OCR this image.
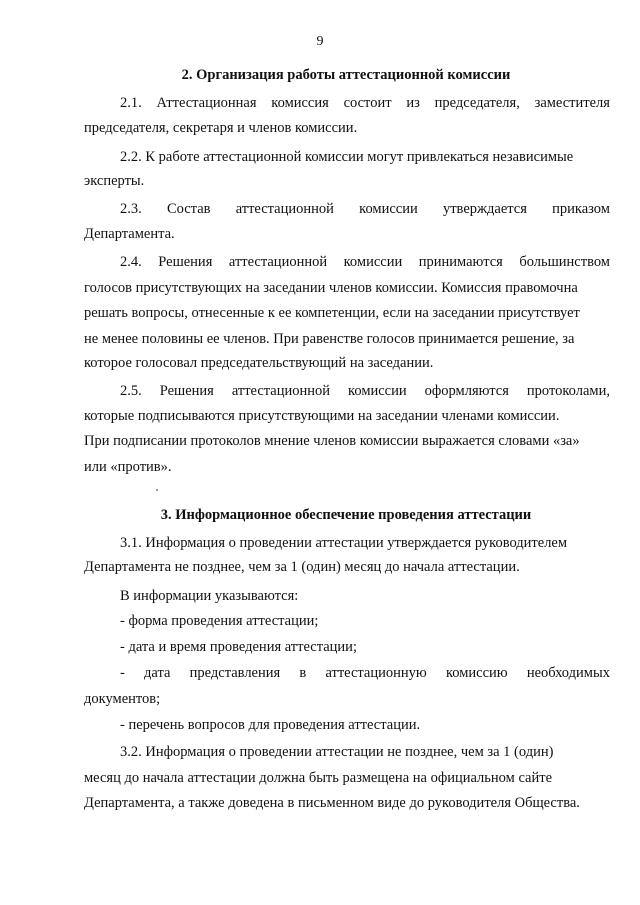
9
2. Организация работы аттестационной комиссии
2.1. Аттестационная комиссия состоит из председателя, заместителя
председателя, секретаря и членов комиссии.
2.2. К работе аттестационной комиссии могут привлекаться независимые
эксперты.
2.3. Состав аттестационной комиссии утверждается приказом
Департамента.
2.4. Решения аттестационной комиссии принимаются большинством
голосов присутствующих на заседании членов комиссии. Комиссия правомочна
решать вопросы, отнесенные к ее компетенции, если на заседании присутствует
не менее половины ее членов. При равенстве голосов принимается решение, за
которое голосовал председательствующий на заседании.
2.5. Решения аттестационной комиссии оформляются протоколами,
которые подписываются присутствующими на заседании членами комиссии.
При подписании протоколов мнение членов комиссии выражается словами «за»
или «против».
3. Информационное обеспечение проведения аттестации
3.1. Информация о проведении аттестации утверждается руководителем
Департамента не позднее, чем за 1 (один) месяц до начала аттестации.
В информации указываются:
- форма проведения аттестации;
- дата и время проведения аттестации;
- дата представления в аттестационную комиссию необходимых
документов;
- перечень вопросов для проведения аттестации.
3.2. Информация о проведении аттестации не позднее, чем за 1 (один)
месяц до начала аттестации должна быть размещена на официальном сайте
Департамента, а также доведена в письменном виде до руководителя Общества.
